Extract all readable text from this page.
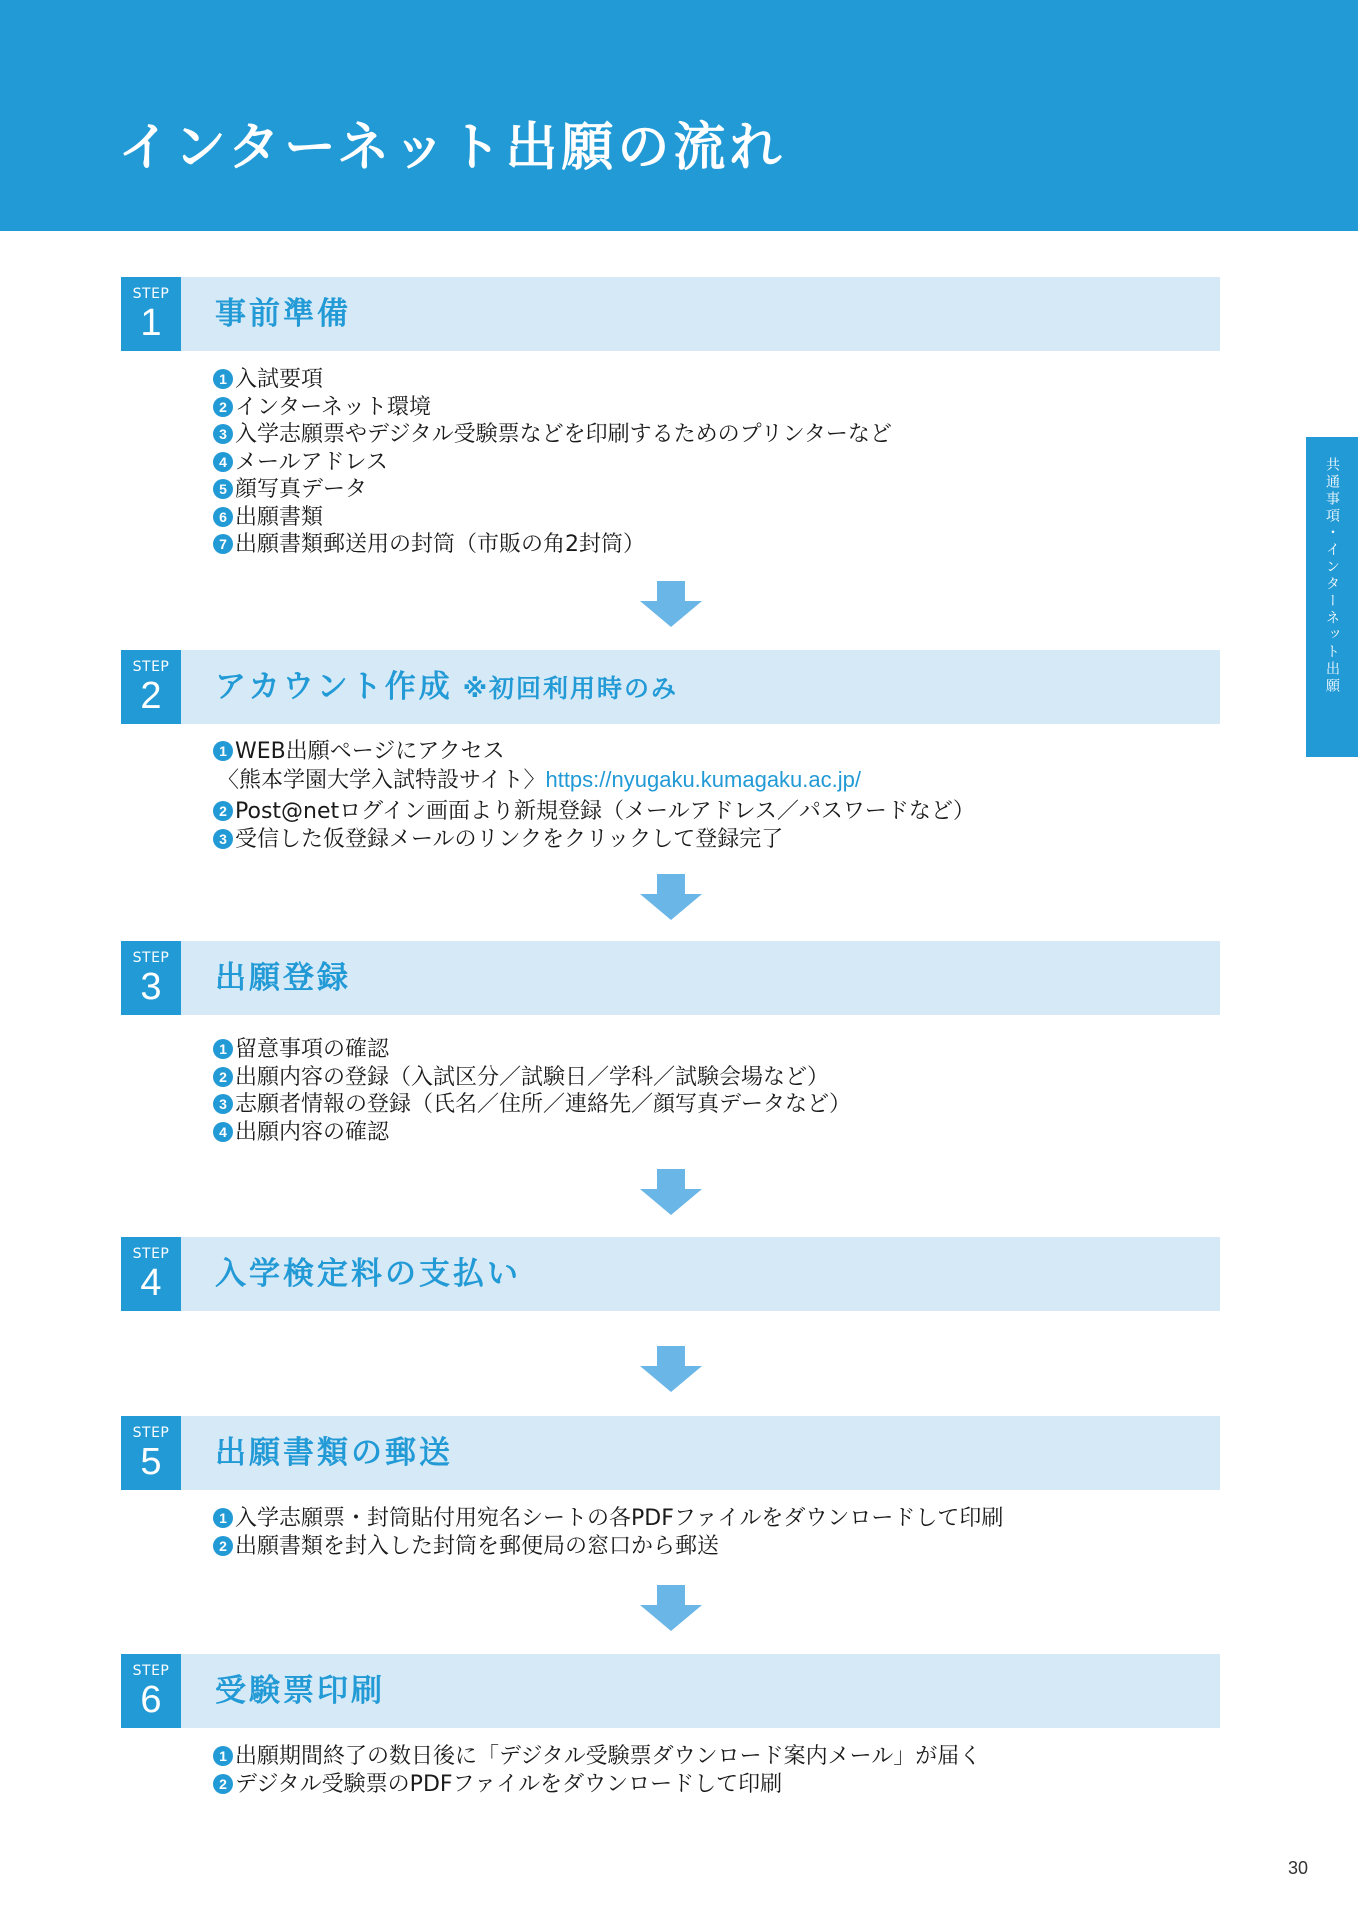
インターネット出願の流れ
共通事項・インターネット出願
STEP
1	事前準備
1 入試要項
2 インターネット環境
3 入学志願票やデジタル受験票などを印刷するためのプリンターなど
4 メールアドレス
5 顔写真データ
6 出願書類
7 出願書類郵送用の封筒（市販の角2封筒）
STEP
2	アカウント作成 ※初回利用時のみ
1 WEB出願ページにアクセス
〈熊本学園大学入試特設サイト〉https://nyugaku.kumagaku.ac.jp/
2 Post@netログイン画面より新規登録（メールアドレス／パスワードなど）
3 受信した仮登録メールのリンクをクリックして登録完了
STEP
3	出願登録
1 留意事項の確認
2 出願内容の登録（入試区分／試験日／学科／試験会場など）
3 志願者情報の登録（氏名／住所／連絡先／顔写真データなど）
4 出願内容の確認
STEP
4	入学検定料の支払い
STEP
5	出願書類の郵送
1 入学志願票・封筒貼付用宛名シートの各PDFファイルをダウンロードして印刷
2 出願書類を封入した封筒を郵便局の窓口から郵送
STEP
6	受験票印刷
1 出願期間終了の数日後に「デジタル受験票ダウンロード案内メール」が届く
2 デジタル受験票のPDFファイルをダウンロードして印刷
30
